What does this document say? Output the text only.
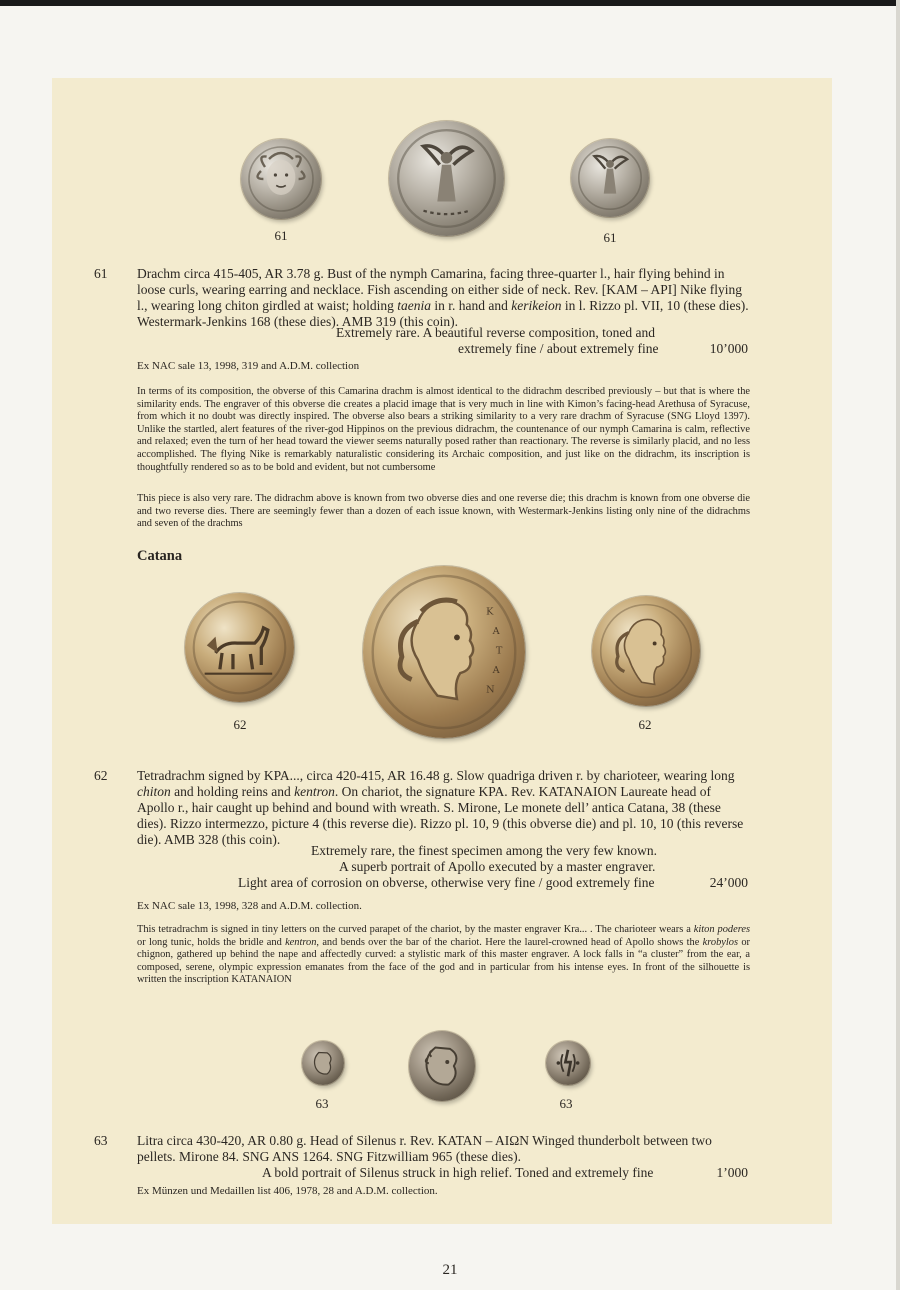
61	61
61 Drachm circa 415-405, AR 3.78 g. Bust of the nymph Camarina, facing three-quarter l., hair flying behind in loose curls, wearing earring and necklace. Fish ascending on either side of neck. Rev. [KAM – API] Nike flying l., wearing long chiton girdled at waist; holding taenia in r. hand and kerikeion in l. Rizzo pl. VII, 10 (these dies). Westermark-Jenkins 168 (these dies). AMB 319 (this coin).
Extremely rare. A beautiful reverse composition, toned and
extremely fine / about extremely fine	10’000
Ex NAC sale 13, 1998, 319 and A.D.M. collection
In terms of its composition, the obverse of this Camarina drachm is almost identical to the didrachm described previously – but that is where the similarity ends. The engraver of this obverse die creates a placid image that is very much in line with Kimon’s facing-head Arethusa of Syracuse, from which it no doubt was directly inspired. The obverse also bears a striking similarity to a very rare drachm of Syracuse (SNG Lloyd 1397). Unlike the startled, alert features of the river-god Hippinos on the previous didrachm, the countenance of our nymph Camarina is calm, reflective and relaxed; even the turn of her head toward the viewer seems naturally posed rather than reactionary. The reverse is similarly placid, and no less accomplished. The flying Nike is remarkably naturalistic considering its Archaic composition, and just like on the didrachm, its inscription is thoughtfully rendered so as to be bold and evident, but not cumbersome
This piece is also very rare. The didrachm above is known from two obverse dies and one reverse die; this drachm is known from one obverse die and two reverse dies. There are seemingly fewer than a dozen of each issue known, with Westermark-Jenkins listing only nine of the didrachms and seven of the drachms
Catana
K
A
T
A
N
62	62
62 Tetradrachm signed by KPA..., circa 420-415, AR 16.48 g. Slow quadriga driven r. by charioteer, wearing long chiton and holding reins and kentron. On chariot, the signature KPA. Rev. KATANAION Laureate head of Apollo r., hair caught up behind and bound with wreath. S. Mirone, Le monete dell’ antica Catana, 38 (these dies). Rizzo intermezzo, picture 4 (this reverse die). Rizzo pl. 10, 9 (this obverse die) and pl. 10, 10 (this reverse die). AMB 328 (this coin).
Extremely rare, the finest specimen among the very few known.
A superb portrait of Apollo executed by a master engraver.
Light area of corrosion on obverse, otherwise very fine / good extremely fine	24’000
Ex NAC sale 13, 1998, 328 and A.D.M. collection.
This tetradrachm is signed in tiny letters on the curved parapet of the chariot, by the master engraver Kra... . The charioteer wears a kiton poderes or long tunic, holds the bridle and kentron, and bends over the bar of the chariot. Here the laurel-crowned head of Apollo shows the krobylos or chignon, gathered up behind the nape and affectedly curved: a stylistic mark of this master engraver. A lock falls in “a cluster” from the ear, a composed, serene, olympic expression emanates from the face of the god and in particular from his intense eyes. In front of the silhouette is written the inscription KATANAION
63	63
63 Litra circa 430-420, AR 0.80 g. Head of Silenus r. Rev. KATAN – AIΩN Winged thunderbolt between two pellets. Mirone 84. SNG ANS 1264. SNG Fitzwilliam 965 (these dies).
A bold portrait of Silenus struck in high relief. Toned and extremely fine	1’000
Ex Münzen und Medaillen list 406, 1978, 28 and A.D.M. collection.
21
